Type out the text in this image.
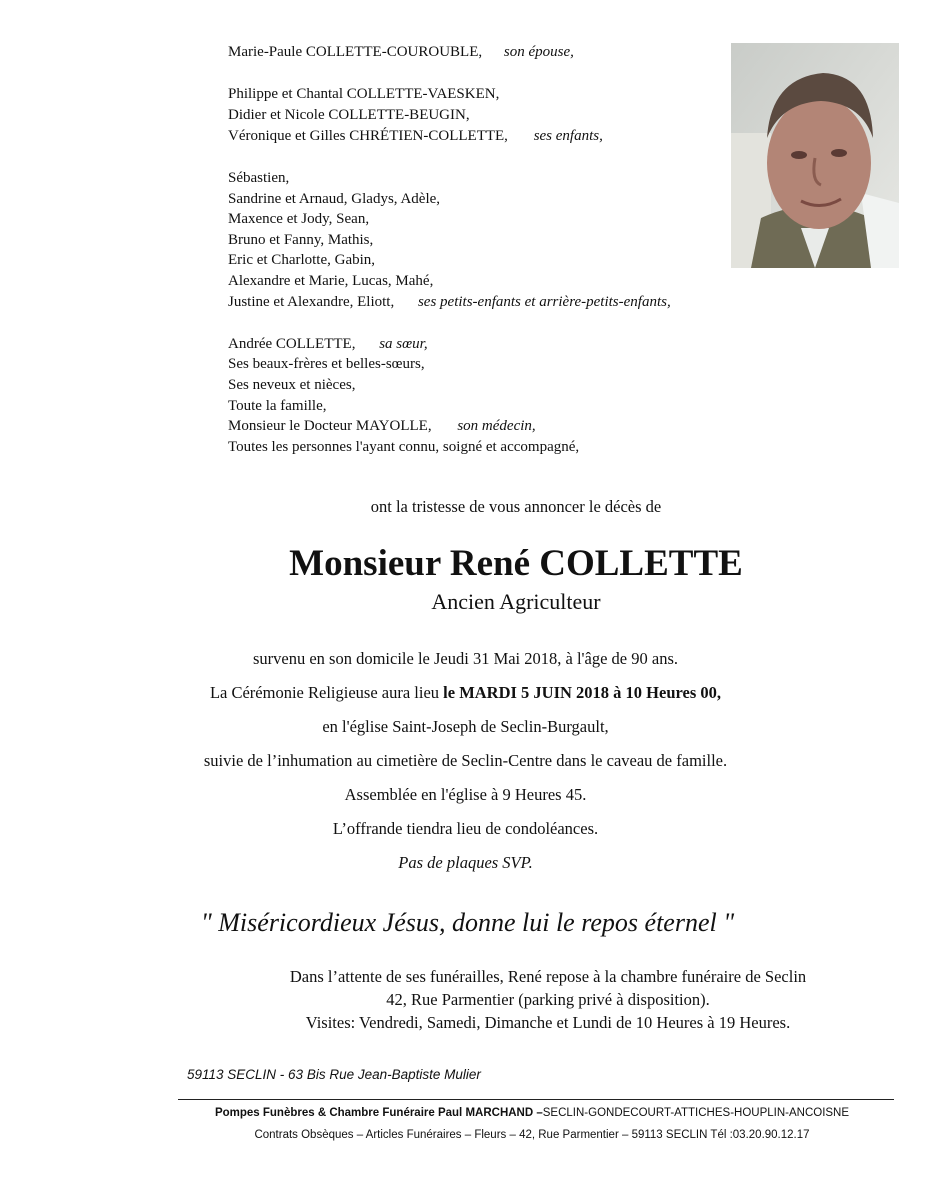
Marie-Paule COLLETTE-COUROUBLE, son épouse,
Philippe et Chantal COLLETTE-VAESKEN,
Didier et Nicole COLLETTE-BEUGIN,
Véronique et Gilles CHRÉTIEN-COLLETTE, ses enfants,
Sébastien,
Sandrine et Arnaud, Gladys, Adèle,
Maxence et Jody, Sean,
Bruno et Fanny, Mathis,
Eric et Charlotte, Gabin,
Alexandre et Marie, Lucas, Mahé,
Justine et Alexandre, Eliott, ses petits-enfants et arrière-petits-enfants,
Andrée COLLETTE, sa sœur,
Ses beaux-frères et belles-sœurs,
Ses neveux et nièces,
Toute la famille,
Monsieur le Docteur MAYOLLE, son médecin,
Toutes les personnes l'ayant connu, soigné et accompagné,
ont la tristesse de vous annoncer le décès de
Monsieur René COLLETTE
Ancien Agriculteur
survenu en son domicile le Jeudi 31 Mai 2018, à l'âge de 90 ans.
La Cérémonie Religieuse aura lieu le MARDI 5 JUIN 2018 à 10 Heures 00,
en l'église Saint-Joseph de Seclin-Burgault,
suivie de l’inhumation au cimetière de Seclin-Centre dans le caveau de famille.
Assemblée en l'église à 9 Heures 45.
L’offrande tiendra lieu de condoléances.
Pas de plaques SVP.
" Miséricordieux Jésus, donne lui le repos éternel "
Dans l’attente de ses funérailles, René repose à la chambre funéraire de Seclin
42, Rue Parmentier (parking privé à disposition).
Visites: Vendredi, Samedi, Dimanche et Lundi de 10 Heures à 19 Heures.
59113 SECLIN - 63 Bis Rue Jean-Baptiste Mulier
Pompes Funèbres & Chambre Funéraire Paul MARCHAND –SECLIN-GONDECOURT-ATTICHES-HOUPLIN-ANCOISNE
Contrats Obsèques – Articles Funéraires – Fleurs – 42, Rue Parmentier – 59113 SECLIN Tél :03.20.90.12.17
